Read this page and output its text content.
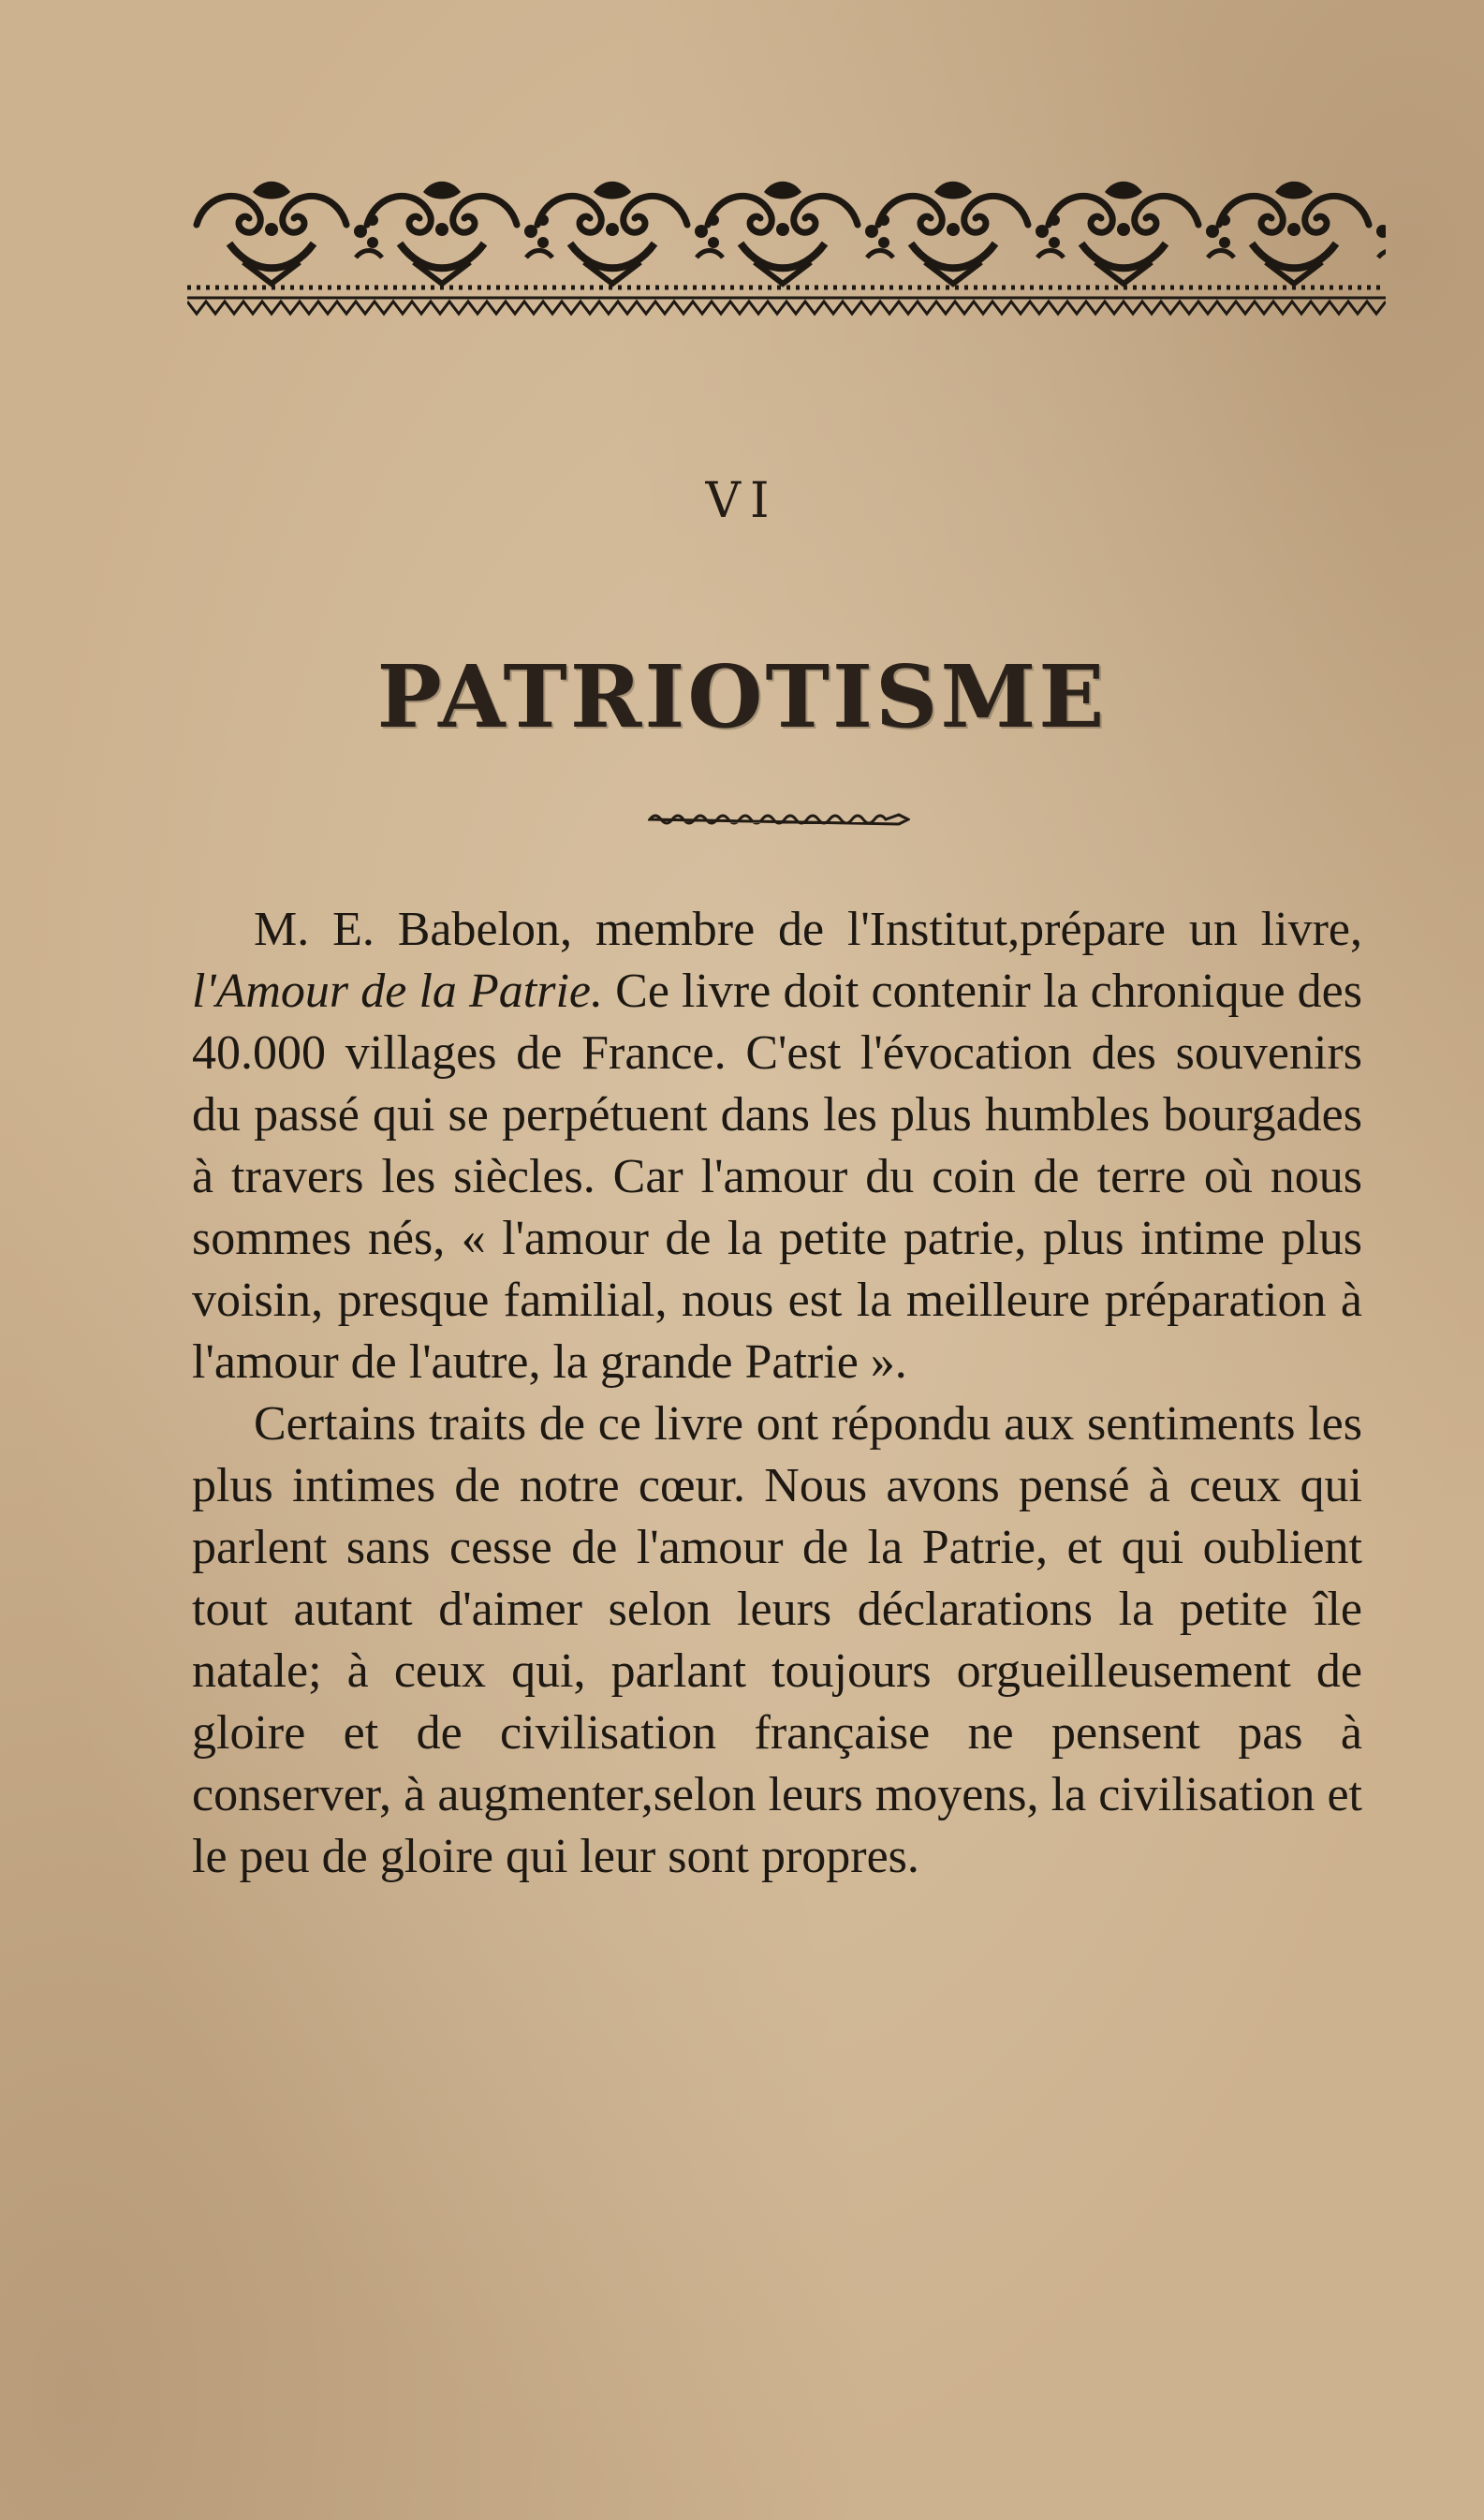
VI
PATRIOTISME

M. E. Babelon, membre de l'Institut,prépare un livre, l'Amour de la Patrie. Ce livre doit contenir la chronique des 40.000 villages de France. C'est l'évocation des souvenirs du passé qui se perpétuent dans les plus humbles bourgades à travers les siècles. Car l'amour du coin de terre où nous sommes nés, « l'amour de la petite patrie, plus intime plus voisin, presque familial, nous est la meilleure préparation à l'amour de l'autre, la grande Patrie ».

Certains traits de ce livre ont répondu aux sentiments les plus intimes de notre cœur. Nous avons pensé à ceux qui parlent sans cesse de l'amour de la Patrie, et qui oublient tout autant d'aimer selon leurs déclarations la petite île natale; à ceux qui, parlant toujours orgueilleusement de gloire et de civilisation française ne pensent pas à conserver, à augmenter,selon leurs moyens, la civilisation et le peu de gloire qui leur sont propres.
